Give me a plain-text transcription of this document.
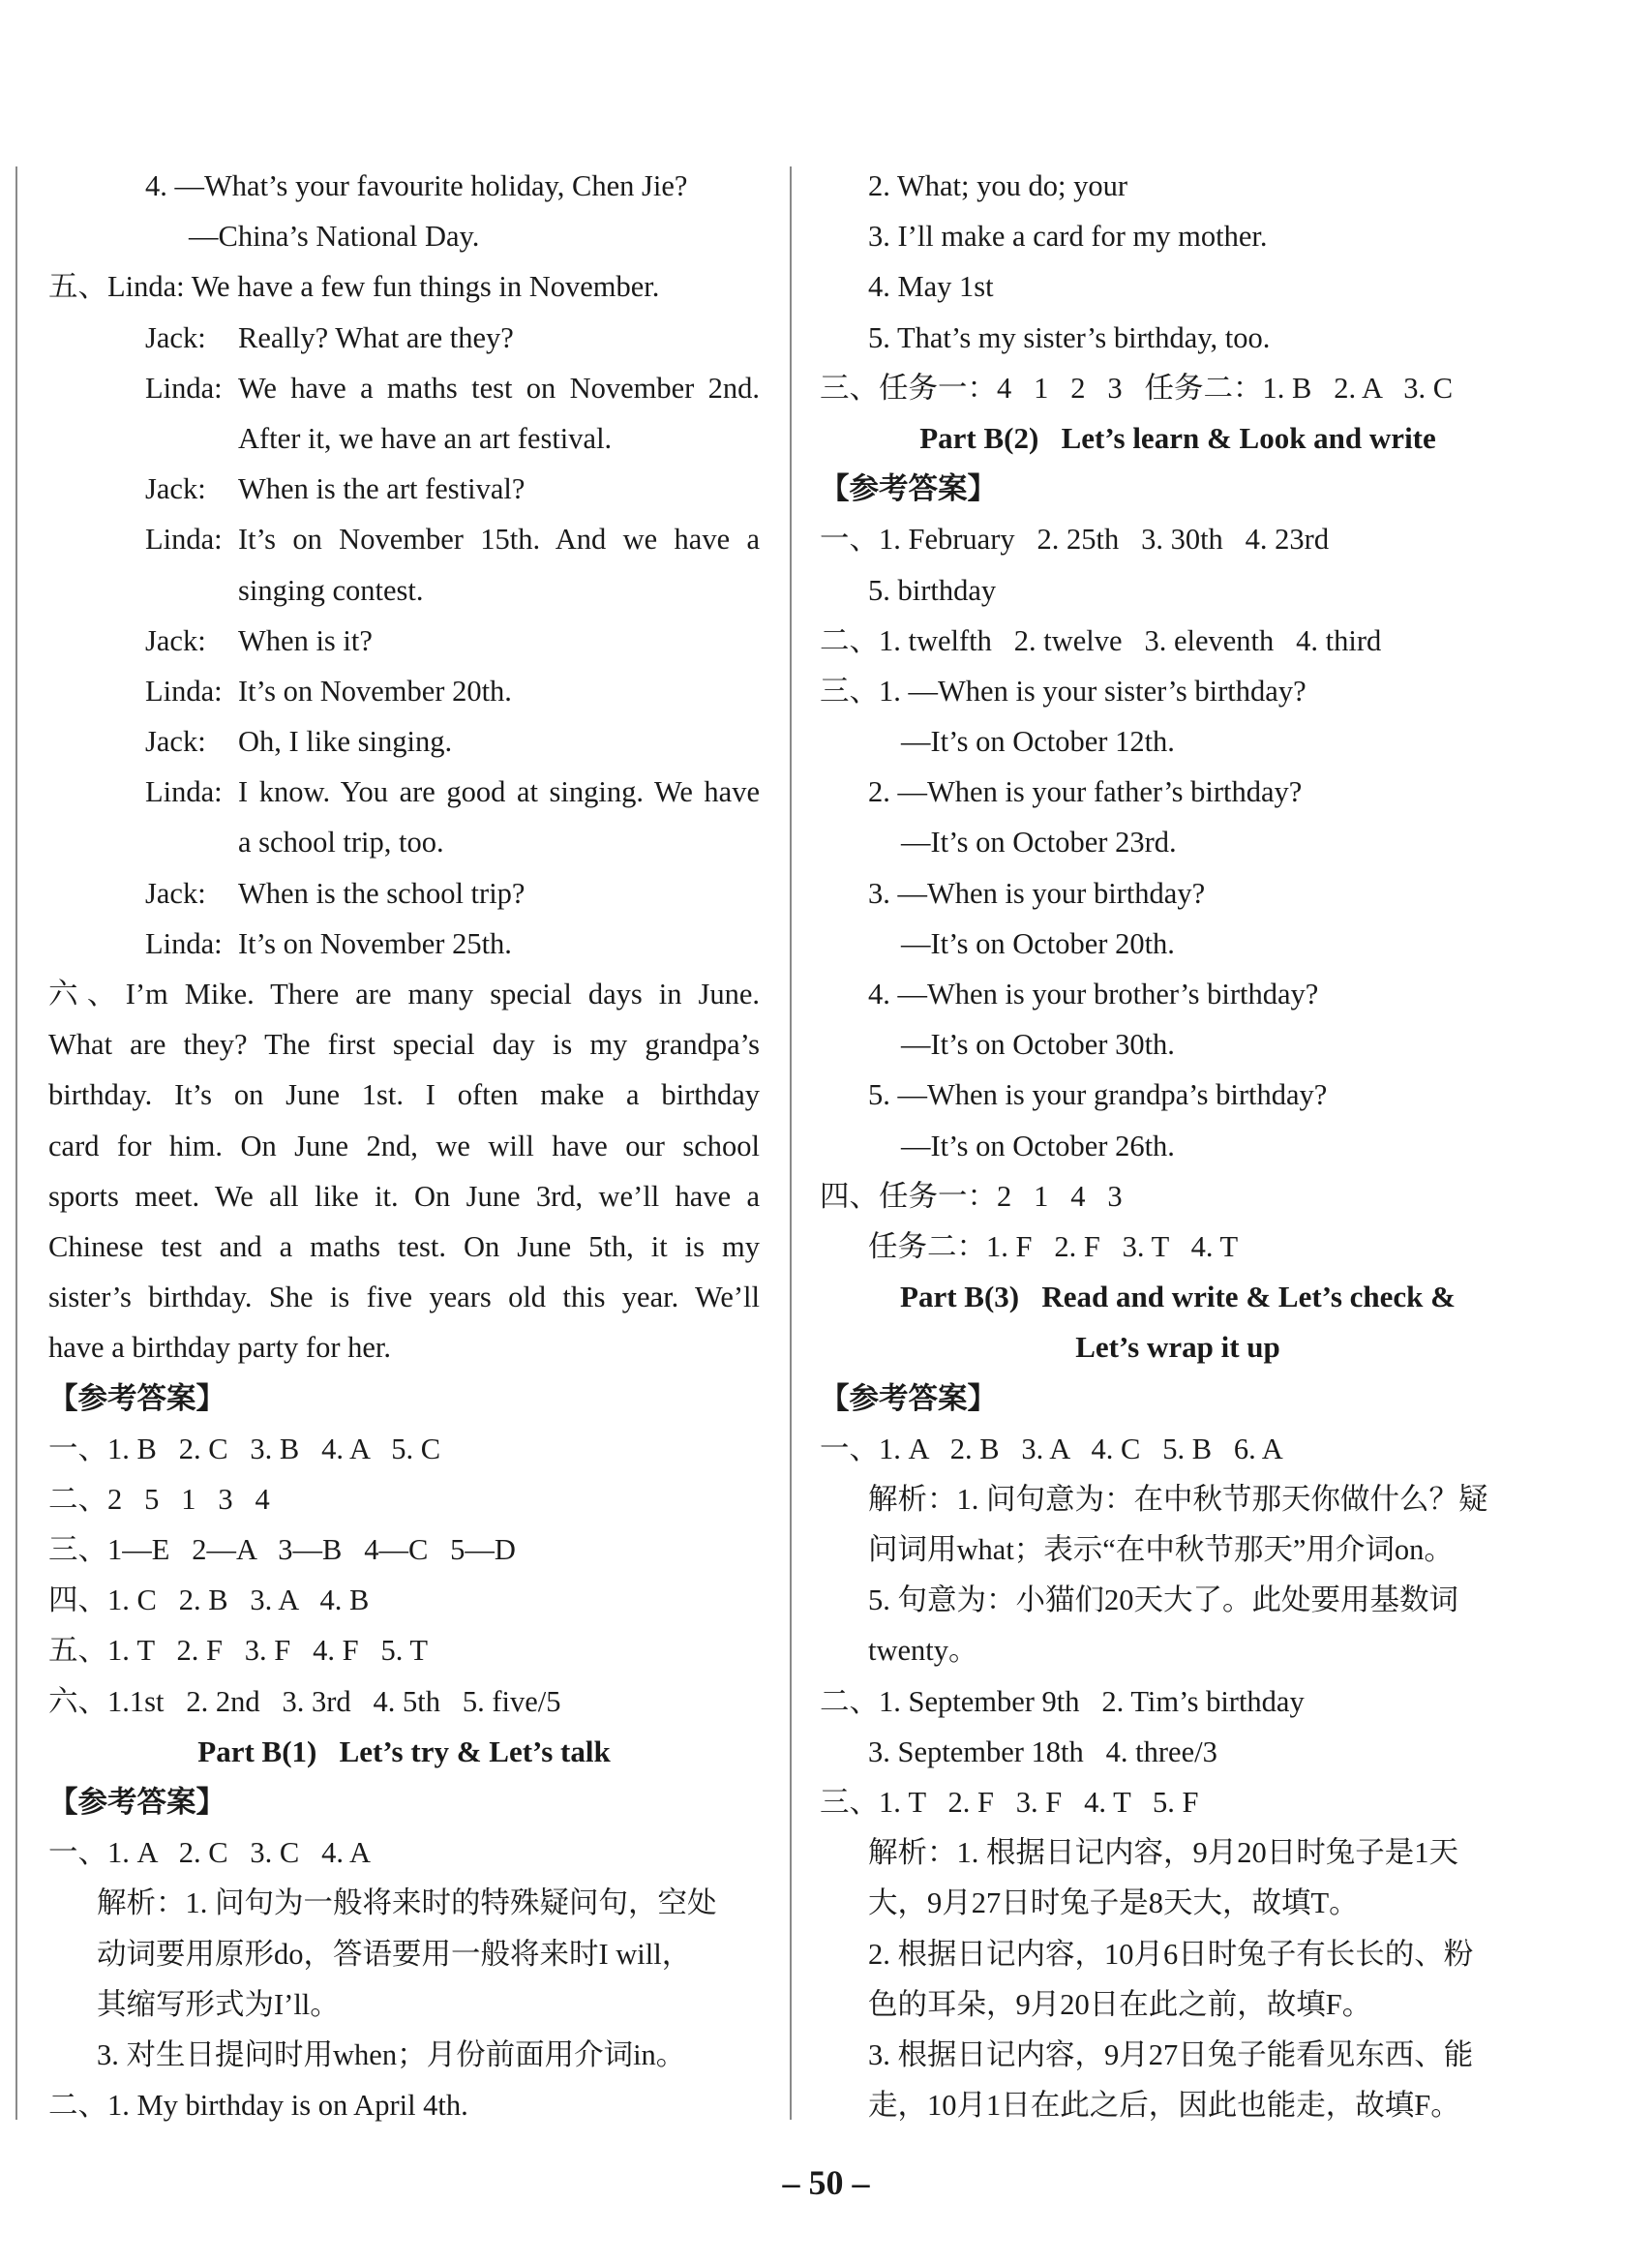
4. —What’s your favourite holiday, Chen Jie?
—China’s National Day.
五、Linda: We have a few fun things in November.
Jack:	Really? What are they?
Linda: We have a maths test on November 2nd.
After it, we have an art festival.
Jack:	When is the art festival?
Linda: It’s on November 15th. And we have a
singing contest.
Jack:	When is it?
Linda: It’s on November 20th.
Jack:	Oh, I like singing.
Linda: I know. You are good at singing. We have
a school trip, too.
Jack:	When is the school trip?
Linda: It’s on November 25th.
六、I’m Mike. There are many special days in June.
What are they? The first special day is my grandpa’s
birthday. It’s on June 1st. I often make a birthday
card for him. On June 2nd, we will have our school
sports meet. We all like it. On June 3rd, we’ll have a
Chinese test and a maths test. On June 5th, it is my
sister’s birthday. She is five years old this year. We’ll
have a birthday party for her.
【参考答案】
一、1. B   2. C   3. B   4. A   5. C
二、2   5   1   3   4
三、1—E   2—A   3—B   4—C   5—D
四、1. C   2. B   3. A   4. B
五、1. T   2. F   3. F   4. F   5. T
六、1.1st   2. 2nd   3. 3rd   4. 5th   5. five/5
Part B(1)   Let’s try & Let’s talk
【参考答案】
一、1. A   2. C   3. C   4. A
解析：1. 问句为一般将来时的特殊疑问句，空处
动词要用原形do，答语要用一般将来时I will，
其缩写形式为I’ll。
3. 对生日提问时用when；月份前面用介词in。
二、1. My birthday is on April 4th.
2. What; you do; your
3. I’ll make a card for my mother.
4. May 1st
5. That’s my sister’s birthday, too.
三、任务一：4   1   2   3   任务二：1. B   2. A   3. C
Part B(2)   Let’s learn & Look and write
【参考答案】
一、1. February   2. 25th   3. 30th   4. 23rd
5. birthday
二、1. twelfth   2. twelve   3. eleventh   4. third
三、1. —When is your sister’s birthday?
—It’s on October 12th.
2. —When is your father’s birthday?
—It’s on October 23rd.
3. —When is your birthday?
—It’s on October 20th.
4. —When is your brother’s birthday?
—It’s on October 30th.
5. —When is your grandpa’s birthday?
—It’s on October 26th.
四、任务一：2   1   4   3
任务二：1. F   2. F   3. T   4. T
Part B(3)   Read and write & Let’s check &
Let’s wrap it up
【参考答案】
一、1. A   2. B   3. A   4. C   5. B   6. A
解析：1. 问句意为：在中秋节那天你做什么？疑
问词用what；表示“在中秋节那天”用介词on。
5. 句意为：小猫们20天大了。此处要用基数词
twenty。
二、1. September 9th   2. Tim’s birthday
3. September 18th   4. three/3
三、1. T   2. F   3. F   4. T   5. F
解析：1. 根据日记内容，9月20日时兔子是1天
大，9月27日时兔子是8天大，故填T。
2. 根据日记内容，10月6日时兔子有长长的、粉
色的耳朵，9月20日在此之前，故填F。
3. 根据日记内容，9月27日兔子能看见东西、能
走，10月1日在此之后，因此也能走，故填F。
– 50 –
